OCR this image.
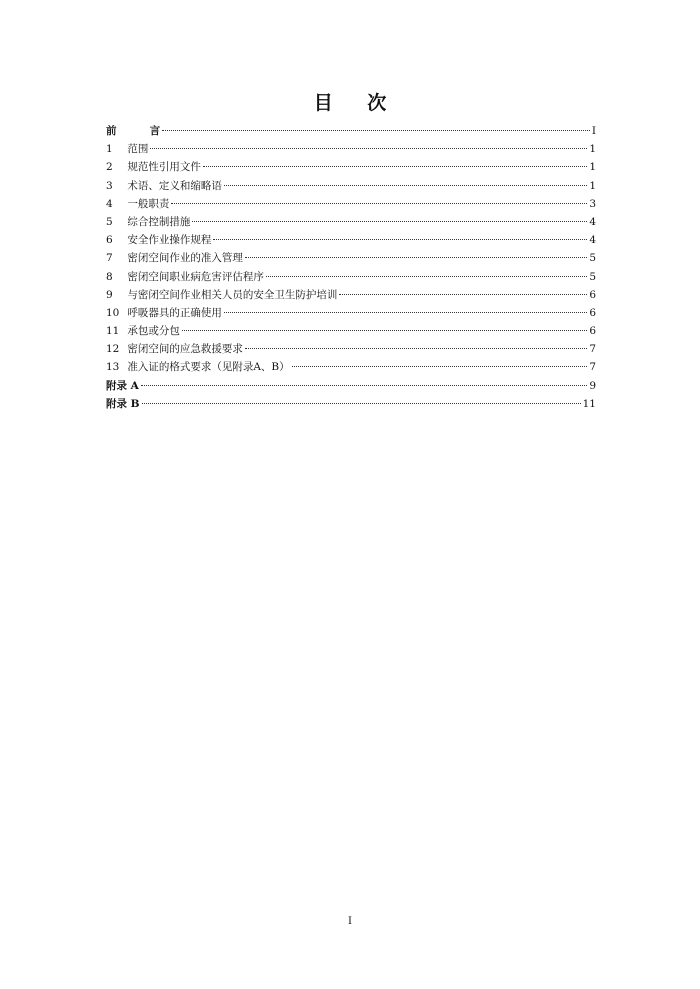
目 次
前       言	I
1 范围	1
2 规范性引用文件	1
3 术语、定义和缩略语	1
4 一般职责	3
5 综合控制措施	4
6 安全作业操作规程	4
7 密闭空间作业的准入管理	5
8 密闭空间职业病危害评估程序	5
9 与密闭空间作业相关人员的安全卫生防护培训	6
10 呼吸器具的正确使用	6
11 承包或分包	6
12 密闭空间的应急救援要求	7
13 准入证的格式要求（见附录A、B）	7
附录 A	9
附录 B	11
I
